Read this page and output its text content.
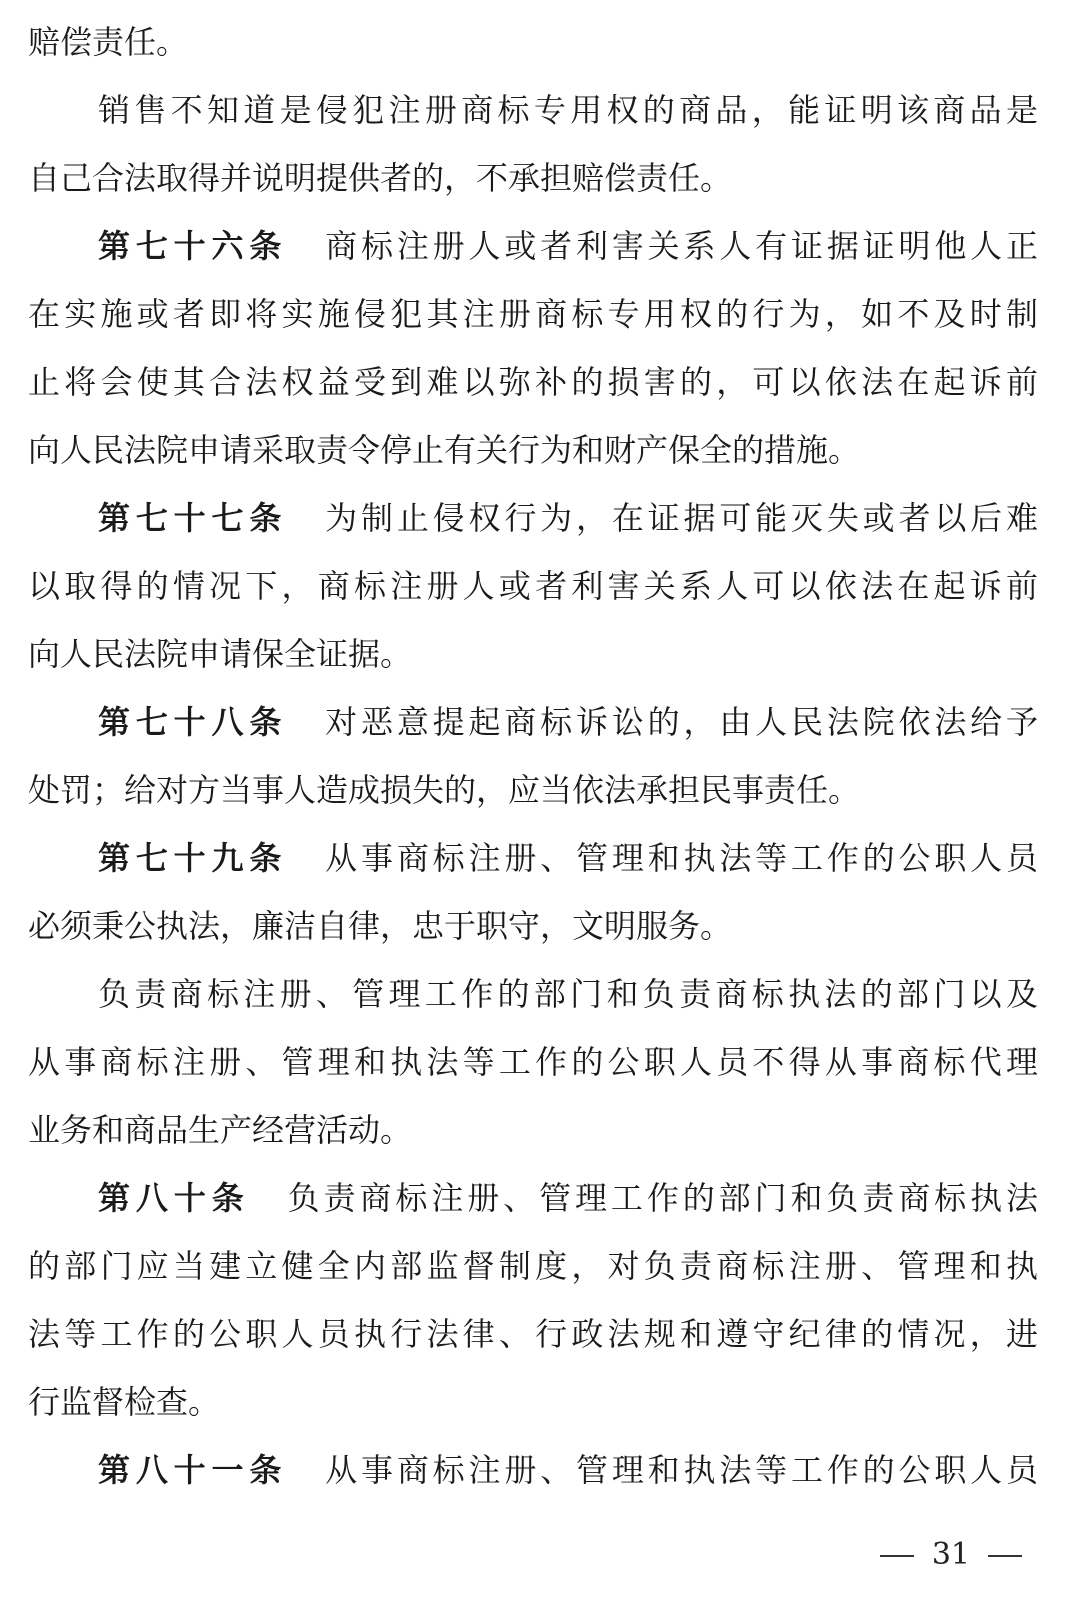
赔偿责任。
销售不知道是侵犯注册商标专用权的商品，能证明该商品是
自己合法取得并说明提供者的，不承担赔偿责任。
第七十六条 商标注册人或者利害关系人有证据证明他人正
在实施或者即将实施侵犯其注册商标专用权的行为，如不及时制
止将会使其合法权益受到难以弥补的损害的，可以依法在起诉前
向人民法院申请采取责令停止有关行为和财产保全的措施。
第七十七条 为制止侵权行为，在证据可能灭失或者以后难
以取得的情况下，商标注册人或者利害关系人可以依法在起诉前
向人民法院申请保全证据。
第七十八条 对恶意提起商标诉讼的，由人民法院依法给予
处罚；给对方当事人造成损失的，应当依法承担民事责任。
第七十九条 从事商标注册、管理和执法等工作的公职人员
必须秉公执法，廉洁自律，忠于职守，文明服务。
负责商标注册、管理工作的部门和负责商标执法的部门以及
从事商标注册、管理和执法等工作的公职人员不得从事商标代理
业务和商品生产经营活动。
第八十条 负责商标注册、管理工作的部门和负责商标执法
的部门应当建立健全内部监督制度，对负责商标注册、管理和执
法等工作的公职人员执行法律、行政法规和遵守纪律的情况，进
行监督检查。
第八十一条 从事商标注册、管理和执法等工作的公职人员
31
